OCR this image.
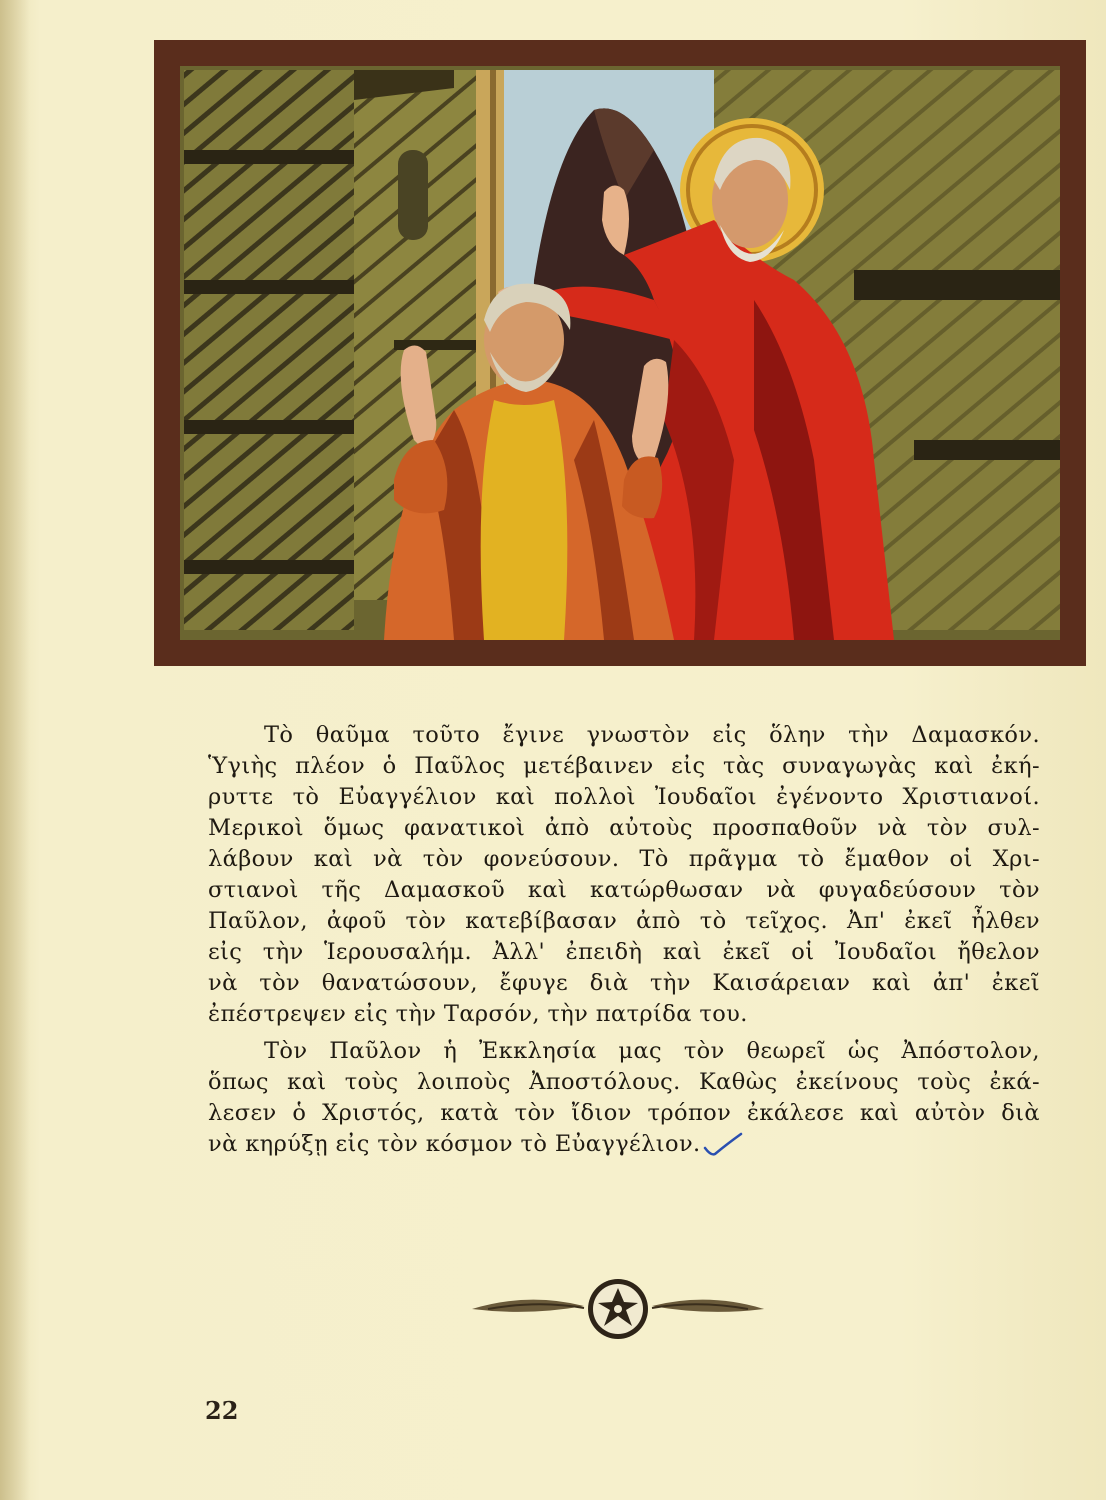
Τὸ θαῦμα τοῦτο ἔγινε γνωστὸν εἰς ὅλην τὴν Δαμασκόν.
Ὑγιὴς πλέον ὁ Παῦλος μετέβαινεν εἰς τὰς συναγωγὰς καὶ ἐκή-
ρυττε τὸ Εὐαγγέλιον καὶ πολλοὶ Ἰουδαῖοι ἐγένοντο Χριστιανοί.
Μερικοὶ ὅμως φανατικοὶ ἀπὸ αὐτοὺς προσπαθοῦν νὰ τὸν συλ-
λάβουν καὶ νὰ τὸν φονεύσουν. Τὸ πρᾶγμα τὸ ἔμαθον οἱ Χρι-
στιανοὶ τῆς Δαμασκοῦ καὶ κατώρθωσαν νὰ φυγαδεύσουν τὸν
Παῦλον, ἀφοῦ τὸν κατεβίβασαν ἀπὸ τὸ τεῖχος. Ἀπ' ἐκεῖ ἦλθεν
εἰς τὴν Ἱερουσαλήμ. Ἀλλ' ἐπειδὴ καὶ ἐκεῖ οἱ Ἰουδαῖοι ἤθελον
νὰ τὸν θανατώσουν, ἔφυγε διὰ τὴν Καισάρειαν καὶ ἀπ' ἐκεῖ
ἐπέστρεψεν εἰς τὴν Ταρσόν, τὴν πατρίδα του.

Τὸν Παῦλον ἡ Ἐκκλησία μας τὸν θεωρεῖ ὡς Ἀπόστολον,
ὅπως καὶ τοὺς λοιποὺς Ἀποστόλους. Καθὼς ἐκείνους τοὺς ἐκά-
λεσεν ὁ Χριστός, κατὰ τὸν ἴδιον τρόπον ἐκάλεσε καὶ αὐτὸν διὰ
νὰ κηρύξῃ εἰς τὸν κόσμον τὸ Εὐαγγέλιον.

22
